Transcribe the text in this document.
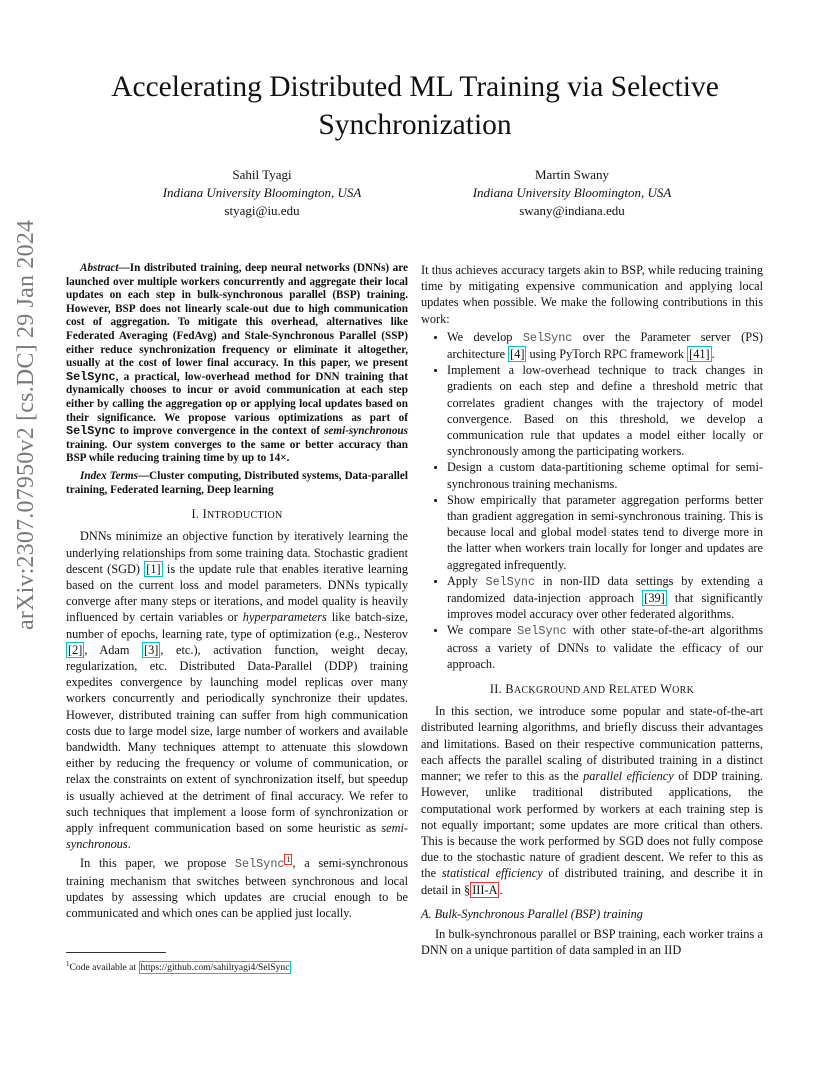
arXiv:2307.07950v2 [cs.DC] 29 Jan 2024
Accelerating Distributed ML Training via Selective Synchronization
Sahil Tyagi
Indiana University Bloomington, USA
styagi@iu.edu
Martin Swany
Indiana University Bloomington, USA
swany@indiana.edu

Abstract—In distributed training, deep neural networks (DNNs) are launched over multiple workers concurrently and aggregate their local updates on each step in bulk-synchronous parallel (BSP) training. However, BSP does not linearly scale-out due to high communication cost of aggregation. To mitigate this overhead, alternatives like Federated Averaging (FedAvg) and Stale-Synchronous Parallel (SSP) either reduce synchronization frequency or eliminate it altogether, usually at the cost of lower final accuracy. In this paper, we present SelSync, a practical, low-overhead method for DNN training that dynamically chooses to incur or avoid communication at each step either by calling the aggregation op or applying local updates based on their significance. We propose various optimizations as part of SelSync to improve convergence in the context of semi-synchronous training. Our system converges to the same or better accuracy than BSP while reducing training time by up to 14×.

Index Terms—Cluster computing, Distributed systems, Data-parallel training, Federated learning, Deep learning

I. INTRODUCTION

DNNs minimize an objective function by iteratively learning the underlying relationships from some training data. Stochastic gradient descent (SGD) [1] is the update rule that enables iterative learning based on the current loss and model parameters. DNNs typically converge after many steps or iterations, and model quality is heavily influenced by certain variables or hyperparameters like batch-size, number of epochs, learning rate, type of optimization (e.g., Nesterov [2] , Adam [3] , etc.), activation function, weight decay, regularization, etc. Distributed Data-Parallel (DDP) training expedites convergence by launching model replicas over many workers concurrently and periodically synchronize their updates. However, distributed training can suffer from high communication costs due to large model size, large number of workers and available bandwidth. Many techniques attempt to attenuate this slowdown either by reducing the frequency or volume of communication, or relax the constraints on extent of synchronization itself, but speedup is usually achieved at the detriment of final accuracy. We refer to such techniques that implement a loose form of synchronization or apply infrequent communication based on some heuristic as semi-synchronous.

In this paper, we propose SelSync $^1$ , a semi-synchronous training mechanism that switches between synchronous and local updates by assessing which updates are crucial enough to be communicated and which ones can be applied just locally.

$^1$Code available at https://github.com/sahiltyagi4/SelSync

It thus achieves accuracy targets akin to BSP, while reducing training time by mitigating expensive communication and applying local updates when possible. We make the following contributions in this work:

• We develop SelSync over the Parameter server (PS) architecture [4] using PyTorch RPC framework [41] .
• Implement a low-overhead technique to track changes in gradients on each step and define a threshold metric that correlates gradient changes with the trajectory of model convergence. Based on this threshold, we develop a communication rule that updates a model either locally or synchronously among the participating workers.
• Design a custom data-partitioning scheme optimal for semi-synchronous training mechanisms.
• Show empirically that parameter aggregation performs better than gradient aggregation in semi-synchronous training. This is because local and global model states tend to diverge more in the latter when workers train locally for longer and updates are aggregated infrequently.
• Apply SelSync in non-IID data settings by extending a randomized data-injection approach [39] that significantly improves model accuracy over other federated algorithms.
• We compare SelSync with other state-of-the-art algorithms across a variety of DNNs to validate the efficacy of our approach.
II. BACKGROUND AND RELATED WORK

In this section, we introduce some popular and state-of-the-art distributed learning algorithms, and briefly discuss their advantages and limitations. Based on their respective communication patterns, each affects the parallel scaling of distributed training in a distinct manner; we refer to this as the parallel efficiency of DDP training. However, unlike traditional distributed applications, the computational work performed by workers at each training step is not equally important; some updates are more critical than others. This is because the work performed by SGD does not fully compose due to the stochastic nature of gradient descent. We refer to this as the statistical efficiency of distributed training, and describe it in detail in § III-A .

A. Bulk-Synchronous Parallel (BSP) training

In bulk-synchronous parallel or BSP training, each worker trains a DNN on a unique partition of data sampled in an IID
